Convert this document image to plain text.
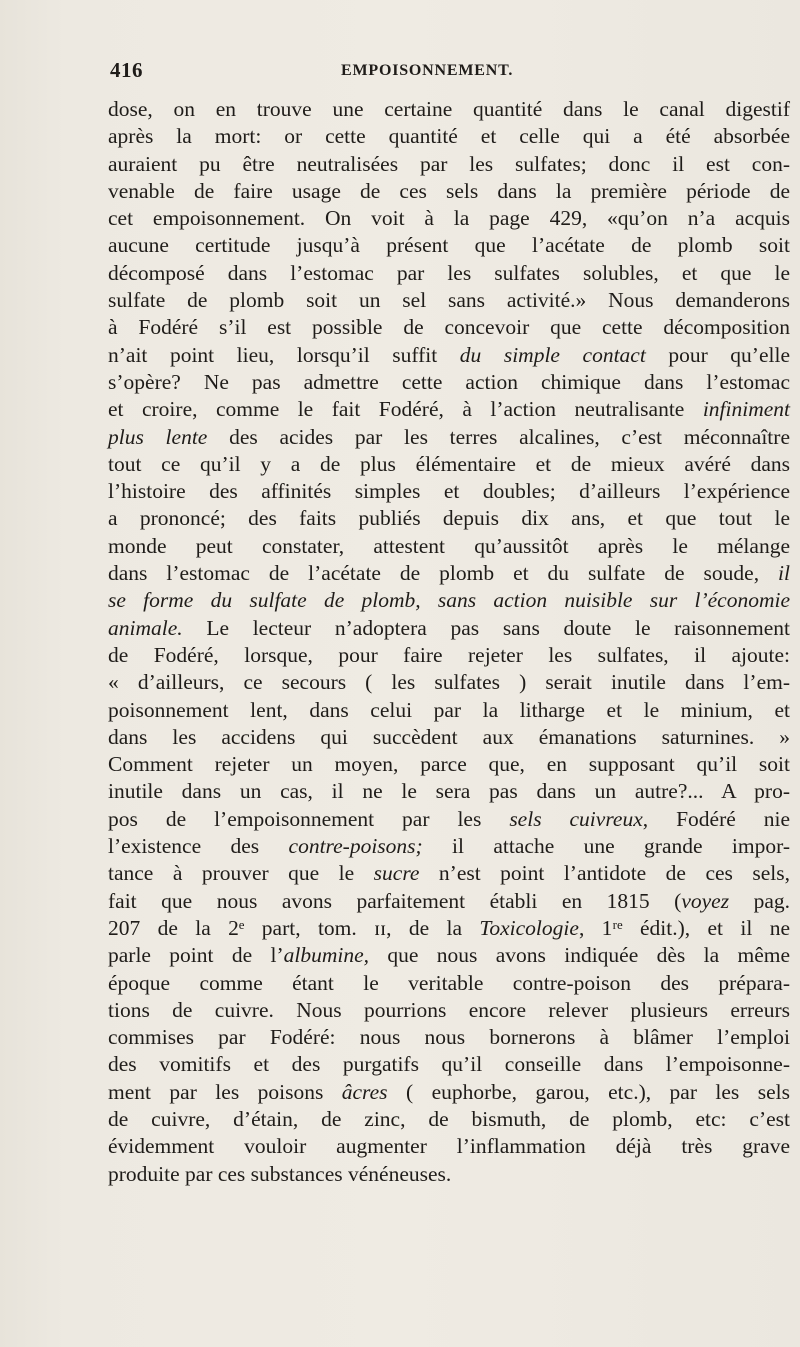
416	EMPOISONNEMENT.
dose, on en trouve une certaine quantité dans le canal digestif
après la mort: or cette quantité et celle qui a été absorbée
auraient pu être neutralisées par les sulfates; donc il est con-
venable de faire usage de ces sels dans la première période de
cet empoisonnement. On voit à la page 429, «qu’on n’a acquis
aucune certitude jusqu’à présent que l’acétate de plomb soit
décomposé dans l’estomac par les sulfates solubles, et que le
sulfate de plomb soit un sel sans activité.» Nous demanderons
à Fodéré s’il est possible de concevoir que cette décomposition
n’ait point lieu, lorsqu’il suffit du simple contact pour qu’elle
s’opère? Ne pas admettre cette action chimique dans l’estomac
et croire, comme le fait Fodéré, à l’action neutralisante infiniment
plus lente des acides par les terres alcalines, c’est méconnaître
tout ce qu’il y a de plus élémentaire et de mieux avéré dans
l’histoire des affinités simples et doubles; d’ailleurs l’expérience
a prononcé; des faits publiés depuis dix ans, et que tout le
monde peut constater, attestent qu’aussitôt après le mélange
dans l’estomac de l’acétate de plomb et du sulfate de soude, il
se forme du sulfate de plomb, sans action nuisible sur l’économie
animale. Le lecteur n’adoptera pas sans doute le raisonnement
de Fodéré, lorsque, pour faire rejeter les sulfates, il ajoute:
« d’ailleurs, ce secours ( les sulfates ) serait inutile dans l’em-
poisonnement lent, dans celui par la litharge et le minium, et
dans les accidens qui succèdent aux émanations saturnines. »
Comment rejeter un moyen, parce que, en supposant qu’il soit
inutile dans un cas, il ne le sera pas dans un autre?... A pro-
pos de l’empoisonnement par les sels cuivreux, Fodéré nie
l’existence des contre-poisons; il attache une grande impor-
tance à prouver que le sucre n’est point l’antidote de ces sels,
fait que nous avons parfaitement établi en 1815 (voyez pag.
207 de la 2ᵉ part, tom. ɪɪ, de la Toxicologie, 1ʳᵉ édit.), et il ne
parle point de l’albumine, que nous avons indiquée dès la même
époque comme étant le veritable contre-poison des prépara-
tions de cuivre. Nous pourrions encore relever plusieurs erreurs
commises par Fodéré: nous nous bornerons à blâmer l’emploi
des vomitifs et des purgatifs qu’il conseille dans l’empoisonne-
ment par les poisons âcres ( euphorbe, garou, etc.), par les sels
de cuivre, d’étain, de zinc, de bismuth, de plomb, etc: c’est
évidemment vouloir augmenter l’inflammation déjà très grave
produite par ces substances vénéneuses.
